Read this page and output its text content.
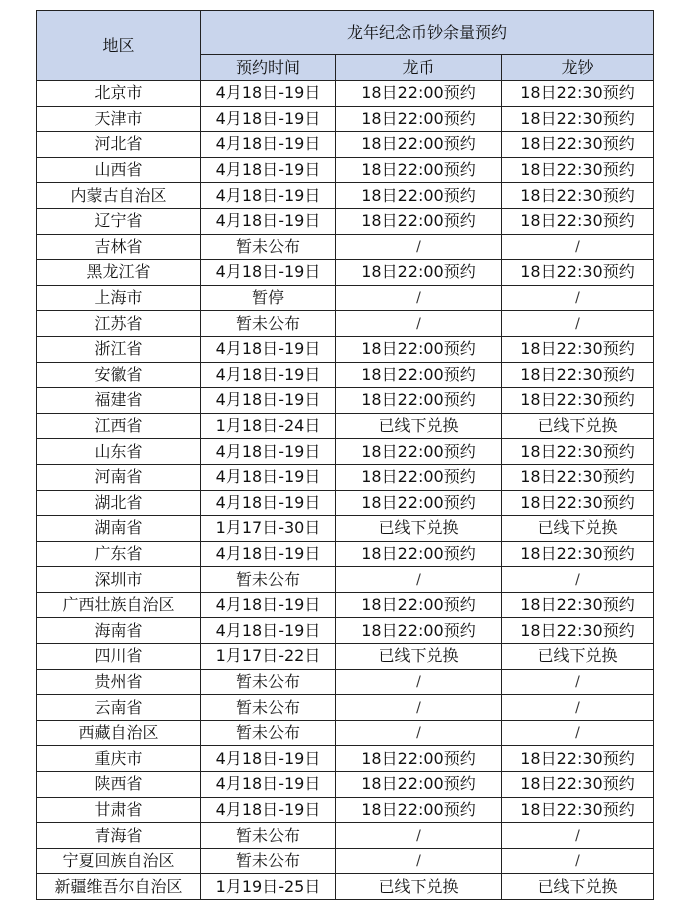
地区	龙年纪念币钞余量预约		
	预约时间	龙币	龙钞
北京市	4月18日-19日	18日22:00预约	18日22:30预约
天津市	4月18日-19日	18日22:00预约	18日22:30预约
河北省	4月18日-19日	18日22:00预约	18日22:30预约
山西省	4月18日-19日	18日22:00预约	18日22:30预约
内蒙古自治区	4月18日-19日	18日22:00预约	18日22:30预约
辽宁省	4月18日-19日	18日22:00预约	18日22:30预约
吉林省	暂未公布	/	/
黑龙江省	4月18日-19日	18日22:00预约	18日22:30预约
上海市	暂停	/	/
江苏省	暂未公布	/	/
浙江省	4月18日-19日	18日22:00预约	18日22:30预约
安徽省	4月18日-19日	18日22:00预约	18日22:30预约
福建省	4月18日-19日	18日22:00预约	18日22:30预约
江西省	1月18日-24日	已线下兑换	已线下兑换
山东省	4月18日-19日	18日22:00预约	18日22:30预约
河南省	4月18日-19日	18日22:00预约	18日22:30预约
湖北省	4月18日-19日	18日22:00预约	18日22:30预约
湖南省	1月17日-30日	已线下兑换	已线下兑换
广东省	4月18日-19日	18日22:00预约	18日22:30预约
深圳市	暂未公布	/	/
广西壮族自治区	4月18日-19日	18日22:00预约	18日22:30预约
海南省	4月18日-19日	18日22:00预约	18日22:30预约
四川省	1月17日-22日	已线下兑换	已线下兑换
贵州省	暂未公布	/	/
云南省	暂未公布	/	/
西藏自治区	暂未公布	/	/
重庆市	4月18日-19日	18日22:00预约	18日22:30预约
陕西省	4月18日-19日	18日22:00预约	18日22:30预约
甘肃省	4月18日-19日	18日22:00预约	18日22:30预约
青海省	暂未公布	/	/
宁夏回族自治区	暂未公布	/	/
新疆维吾尔自治区	1月19日-25日	已线下兑换	已线下兑换
